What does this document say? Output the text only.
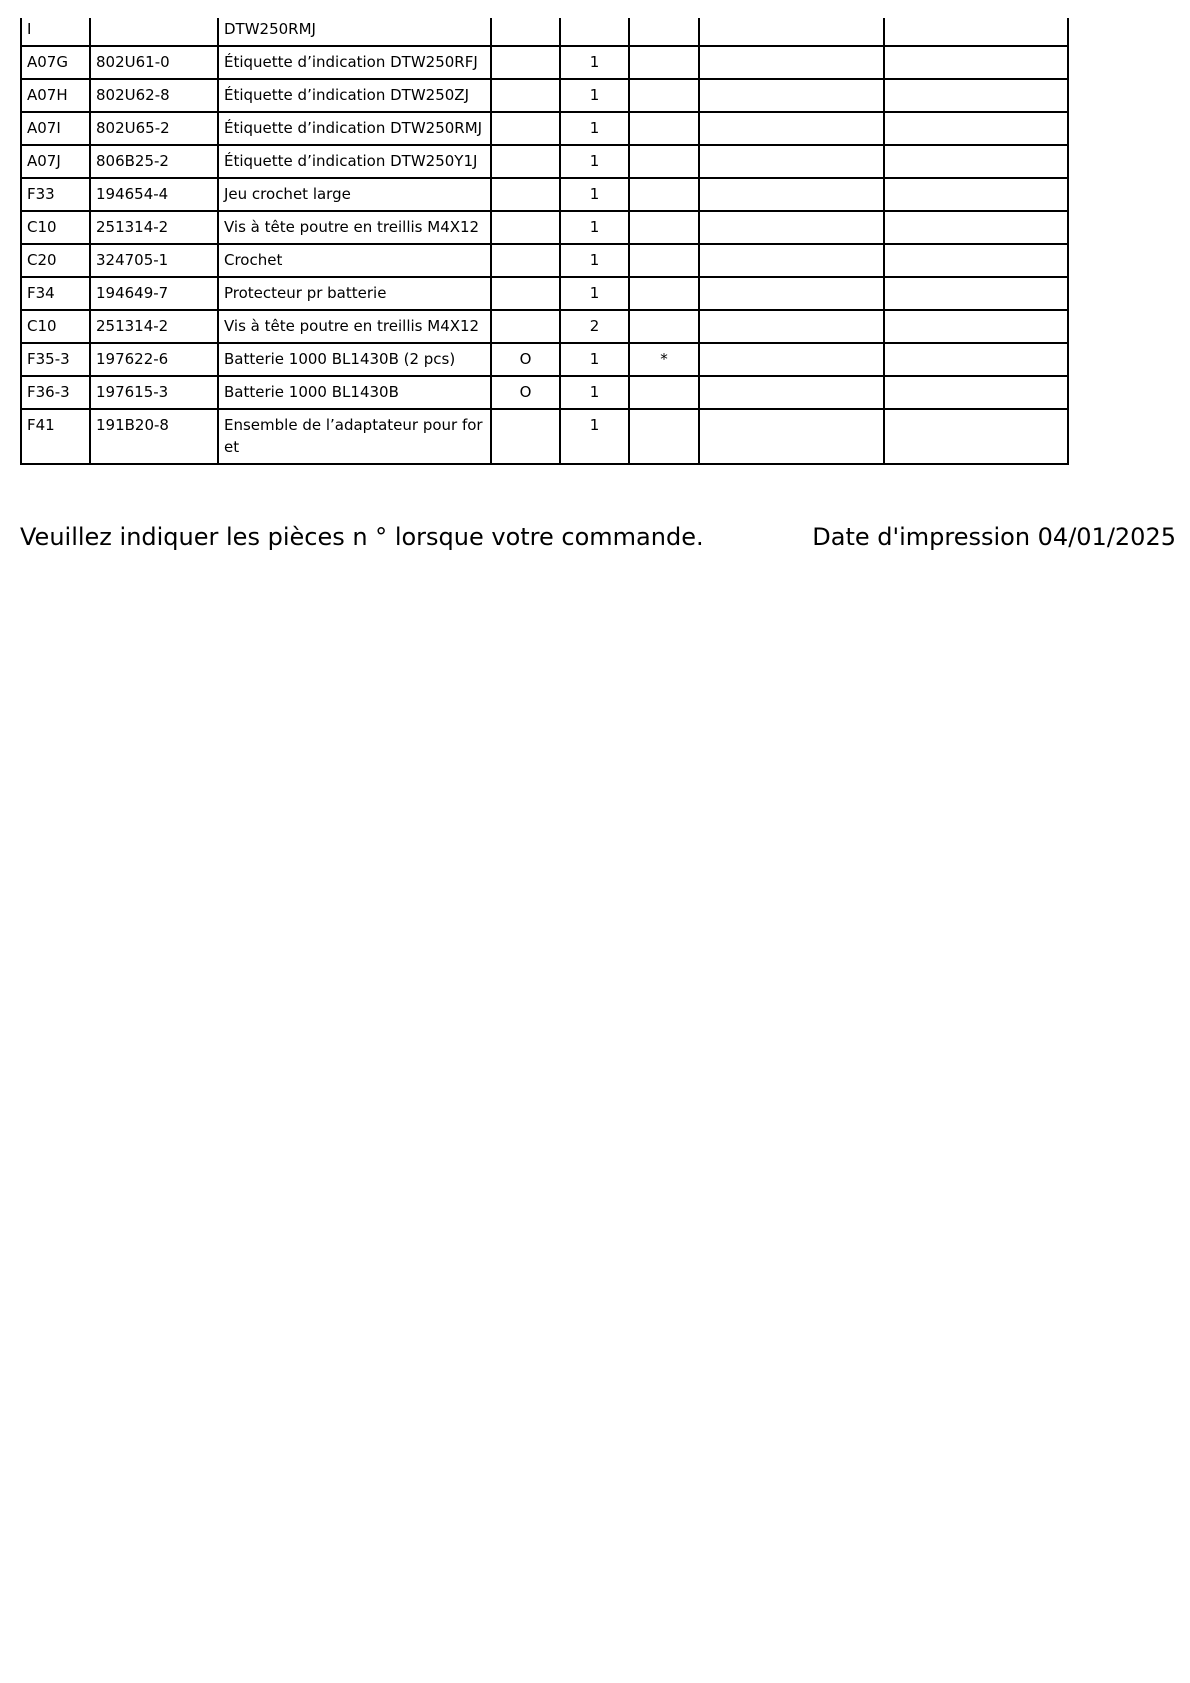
I		DTW250RMJ					
A07G	802U61-0	Étiquette d’indication DTW250RFJ		1			
A07H	802U62-8	Étiquette d’indication DTW250ZJ		1			
A07I	802U65-2	Étiquette d’indication DTW250RMJ		1			
A07J	806B25-2	Étiquette d’indication DTW250Y1J		1			
F33	194654-4	Jeu crochet large		1			
C10	251314-2	Vis à tête poutre en treillis M4X12		1			
C20	324705-1	Crochet		1			
F34	194649-7	Protecteur pr batterie		1			
C10	251314-2	Vis à tête poutre en treillis M4X12		2			
F35-3	197622-6	Batterie 1000 BL1430B (2 pcs)	O	1	*		
F36-3	197615-3	Batterie 1000 BL1430B	O	1			
F41	191B20-8	Ensemble de l’adaptateur pour foret		1			
Veuillez indiquer les pièces n ° lorsque votre commande.	Date d'impression 04/01/2025
